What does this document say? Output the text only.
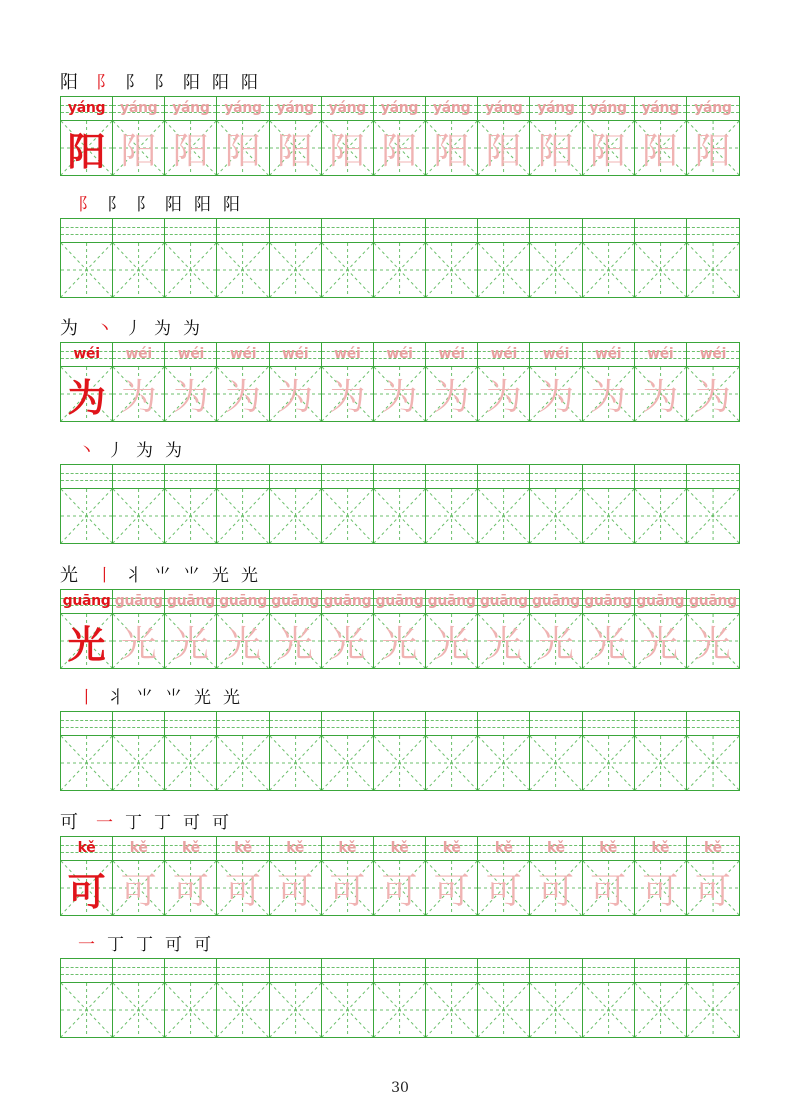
阳 阝 阝 阝 阳 阳 阳
yáng
阳
yáng
阳
yáng
阳
yáng
阳
yáng
阳
yáng
阳
yáng
阳
yáng
阳
yáng
阳
yáng
阳
yáng
阳
yáng
阳
yáng
阳
阝 阝 阝 阳 阳 阳
为 丶 丿 为 为
wéi
为
wéi
为
wéi
为
wéi
为
wéi
为
wéi
为
wéi
为
wéi
为
wéi
为
wéi
为
wéi
为
wéi
为
wéi
为
丶 丿 为 为
光 丨 丬 ⺌ ⺌ 光 光
guāng
光
guāng
光
guāng
光
guāng
光
guāng
光
guāng
光
guāng
光
guāng
光
guāng
光
guāng
光
guāng
光
guāng
光
guāng
光
丨 丬 ⺌ ⺌ 光 光
可 一 丁 丁 可 可
kě
可
kě
可
kě
可
kě
可
kě
可
kě
可
kě
可
kě
可
kě
可
kě
可
kě
可
kě
可
kě
可
一 丁 丁 可 可
30
